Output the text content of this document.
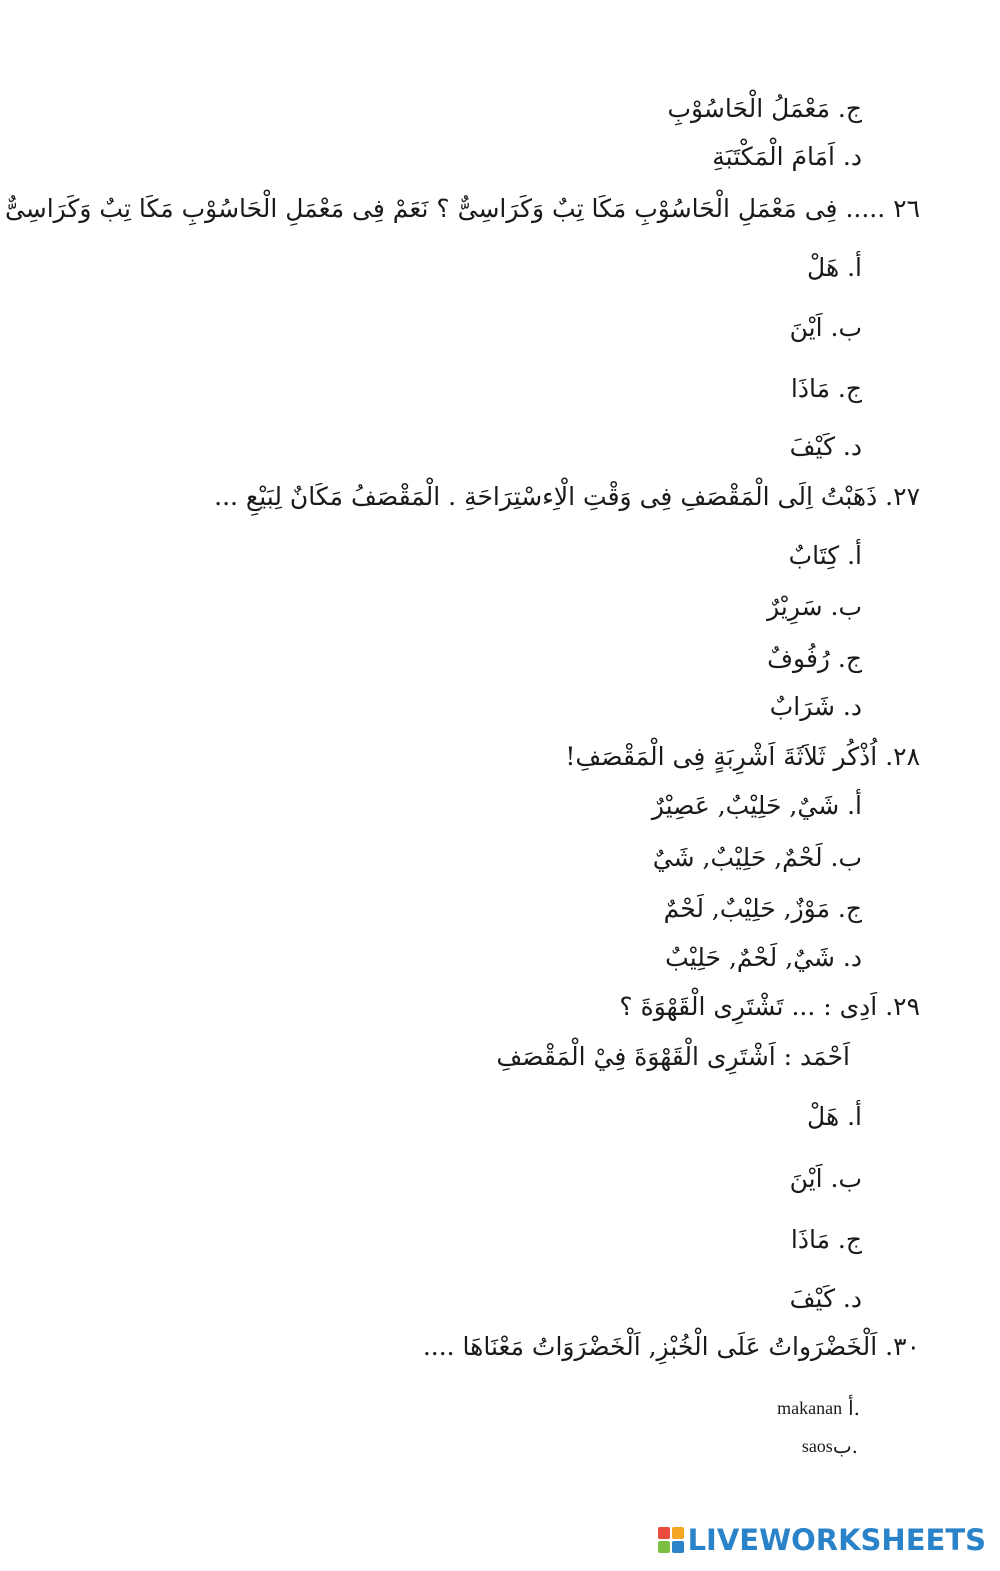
ج. مَعْمَلُ الْحَاسُوْبِ
د. اَمَامَ الْمَكْتَبَةِ
٢٦ ..... فِى مَعْمَلِ الْحَاسُوْبِ مَكَا تِبٌ وَكَرَاسِىٌّ ؟ نَعَمْ فِى مَعْمَلِ الْحَاسُوْبِ مَكَا تِبٌ وَكَرَاسِىٌّ
أ. هَلْ
ب. اَيْنَ
ج. مَاذَا
د. كَيْفَ
٢٧. ذَهَبْتُ اِلَى الْمَقْصَفِ فِى وَقْتِ الْاِءسْتِرَاحَةِ . الْمَقْصَفُ مَكَانٌ لِبَيْعِ ...
أ. كِتَابٌ
ب. سَرِيْرٌ
ج. رُفُوفٌ
د. شَرَابٌ
٢٨. اُذْكُر ثَلاَثَةَ اَشْرِبَةٍ فِى الْمَقْصَفِ!
أ. شَيٌ, حَلِيْبٌ, عَصِيْرٌ
ب. لَحْمٌ, حَلِيْبٌ, شَيٌ
ج. مَوْزٌ, حَلِيْبٌ, لَحْمٌ
د. شَيٌ, لَحْمٌ, حَلِيْبٌ
٢٩. اَدِى : ... تَشْتَرِى الْقَهْوَةَ ؟
اَحْمَد : اَشْتَرِى الْقَهْوَةَ فِيْ الْمَقْصَفِ
أ. هَلْ
ب. اَيْنَ
ج. مَاذَا
د. كَيْفَ
٣٠. اَلْخَضْرَواتُ عَلَى الْخُبْزِ, اَلْخَضْرَوَاتُ مَعْنَاهَا ....
makanan أ.
saos ب.
LIVEWORKSHEETS
